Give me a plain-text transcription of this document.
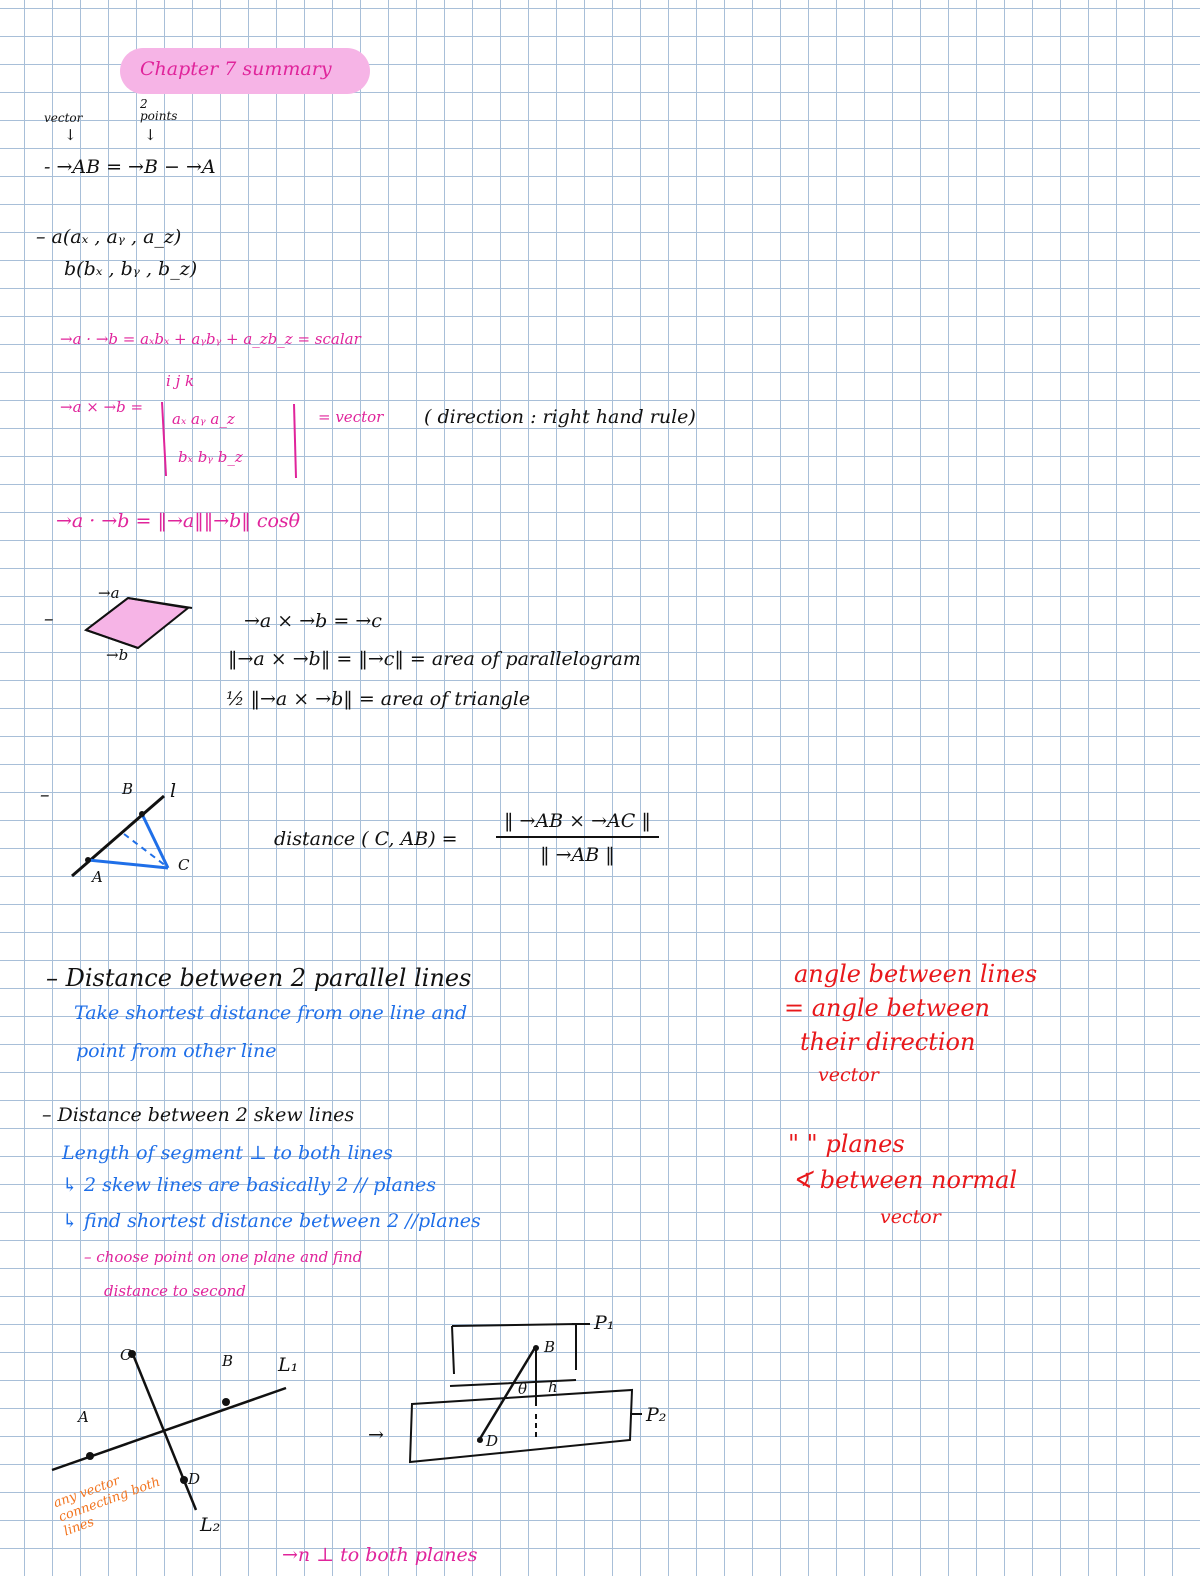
Chapter 7 summary
vector
↓
2 points
↓
- →AB = →B − →A
– a(aₓ , aᵧ , a_z)
b(bₓ , bᵧ , b_z)
→a · →b = aₓbₓ + aᵧbᵧ + a_zb_z = scalar
→a × →b =
i j k
aₓ aᵧ a_z
bₓ bᵧ b_z
= vector ( direction : right hand rule)
→a · →b = ‖→a‖‖→b‖ cosθ
–
→a
→b
→a × →b = →c
‖→a × →b‖ = ‖→c‖ = area of parallelogram
½ ‖→a × →b‖ = area of triangle
–	B l
A
C
distance ( C, $AB) = \frac{‖ \to AB \times \to AC ‖}{‖ \to AB ‖}$
– Distance between 2 parallel lines
Take shortest distance from one line and
point from other line
– Distance between 2 skew lines
Length of segment ⊥ to both lines
↳ 2 skew lines are basically 2 // planes
↳ find shortest distance between 2 //planes
– choose point on one plane and find
distance to second
angle between lines
= angle between
their direction
vector
" " planes
∢ between normal
vector
C	B L₁
A
D
L₂
→
P₁
P₂
B
θ h
D
any vector connecting both lines
→n ⊥ to both planes
